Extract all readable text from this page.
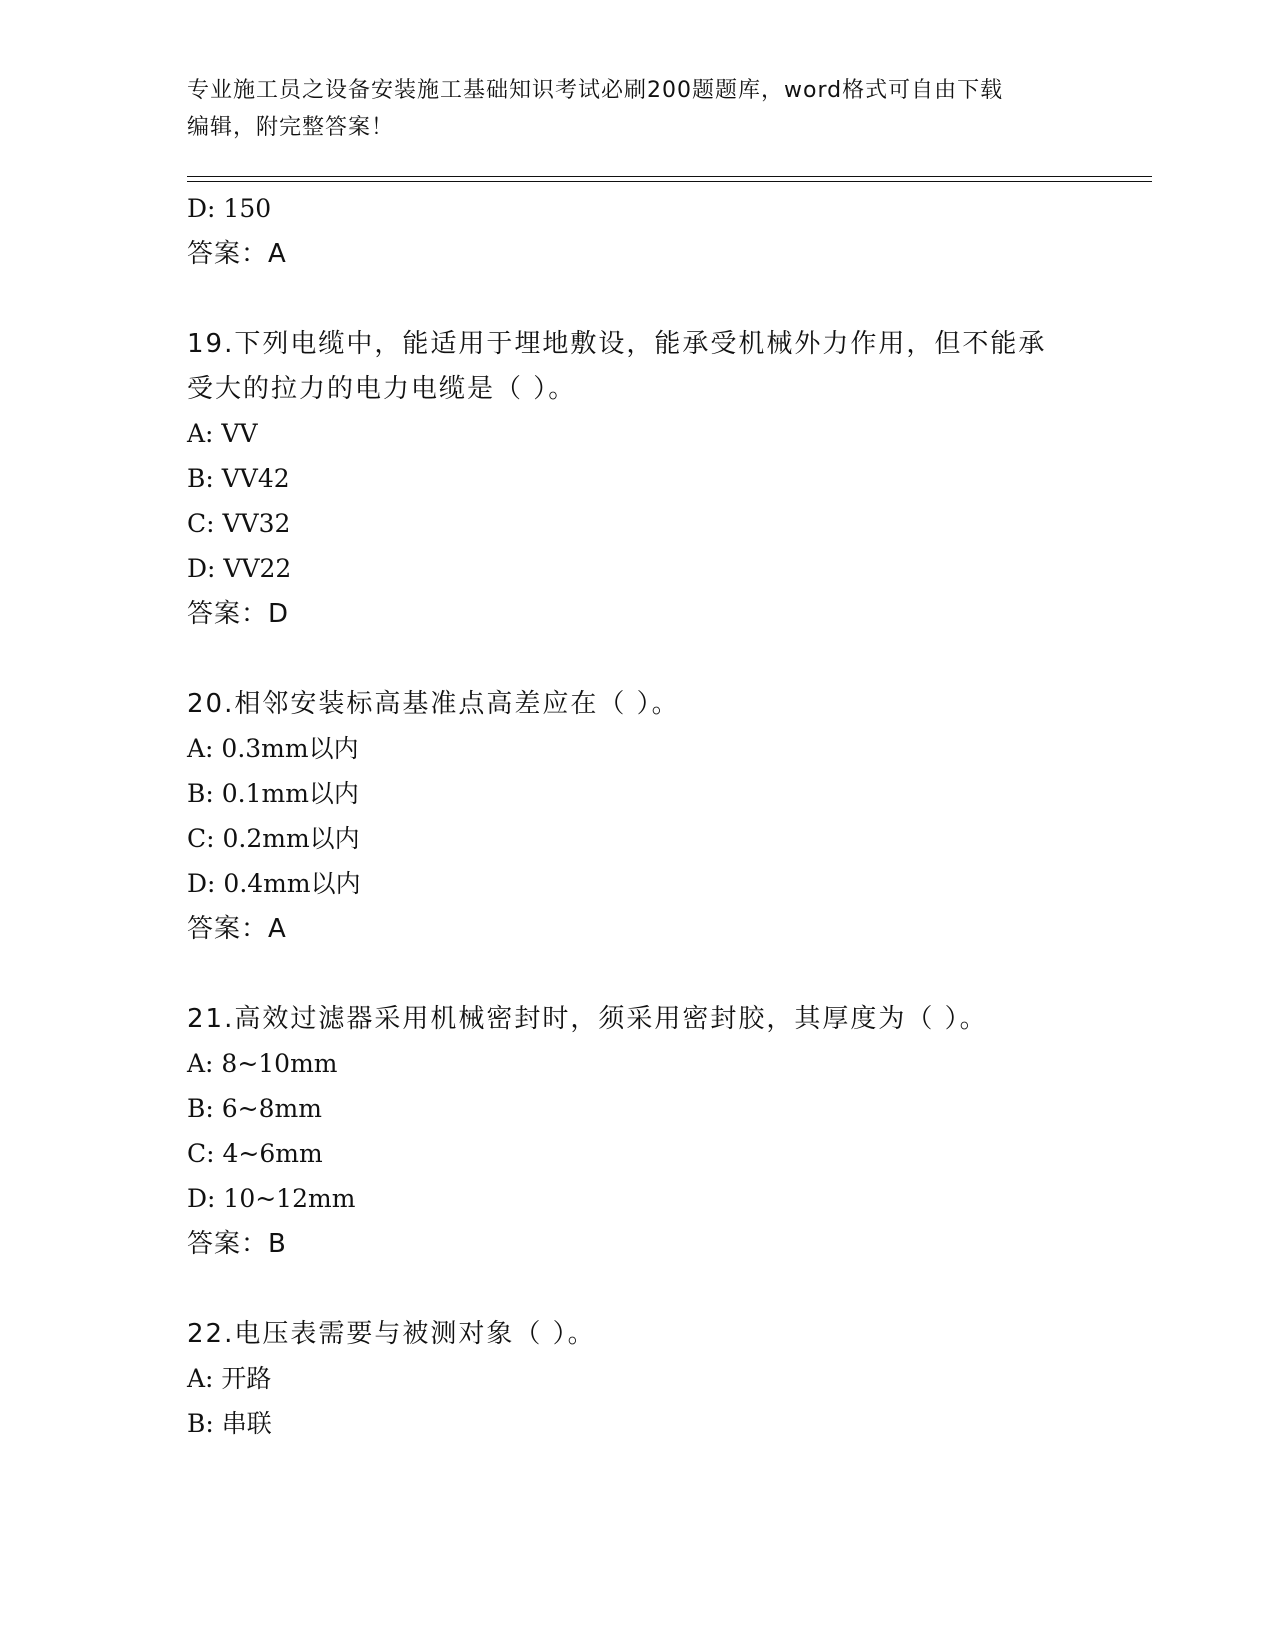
专业施工员之设备安装施工基础知识考试必刷200题题库，word格式可自由下载
编辑，附完整答案！
D: 150
答案：A
19.下列电缆中，能适用于埋地敷设，能承受机械外力作用，但不能承
受大的拉力的电力电缆是（ ）。
A: VV
B: VV42
C: VV32
D: VV22
答案：D
20.相邻安装标高基准点高差应在（ ）。
A: 0.3mm以内
B: 0.1mm以内
C: 0.2mm以内
D: 0.4mm以内
答案：A
21.高效过滤器采用机械密封时，须采用密封胶，其厚度为（ ）。
A: 8~10mm
B: 6~8mm
C: 4~6mm
D: 10~12mm
答案：B
22.电压表需要与被测对象（ ）。
A: 开路
B: 串联
